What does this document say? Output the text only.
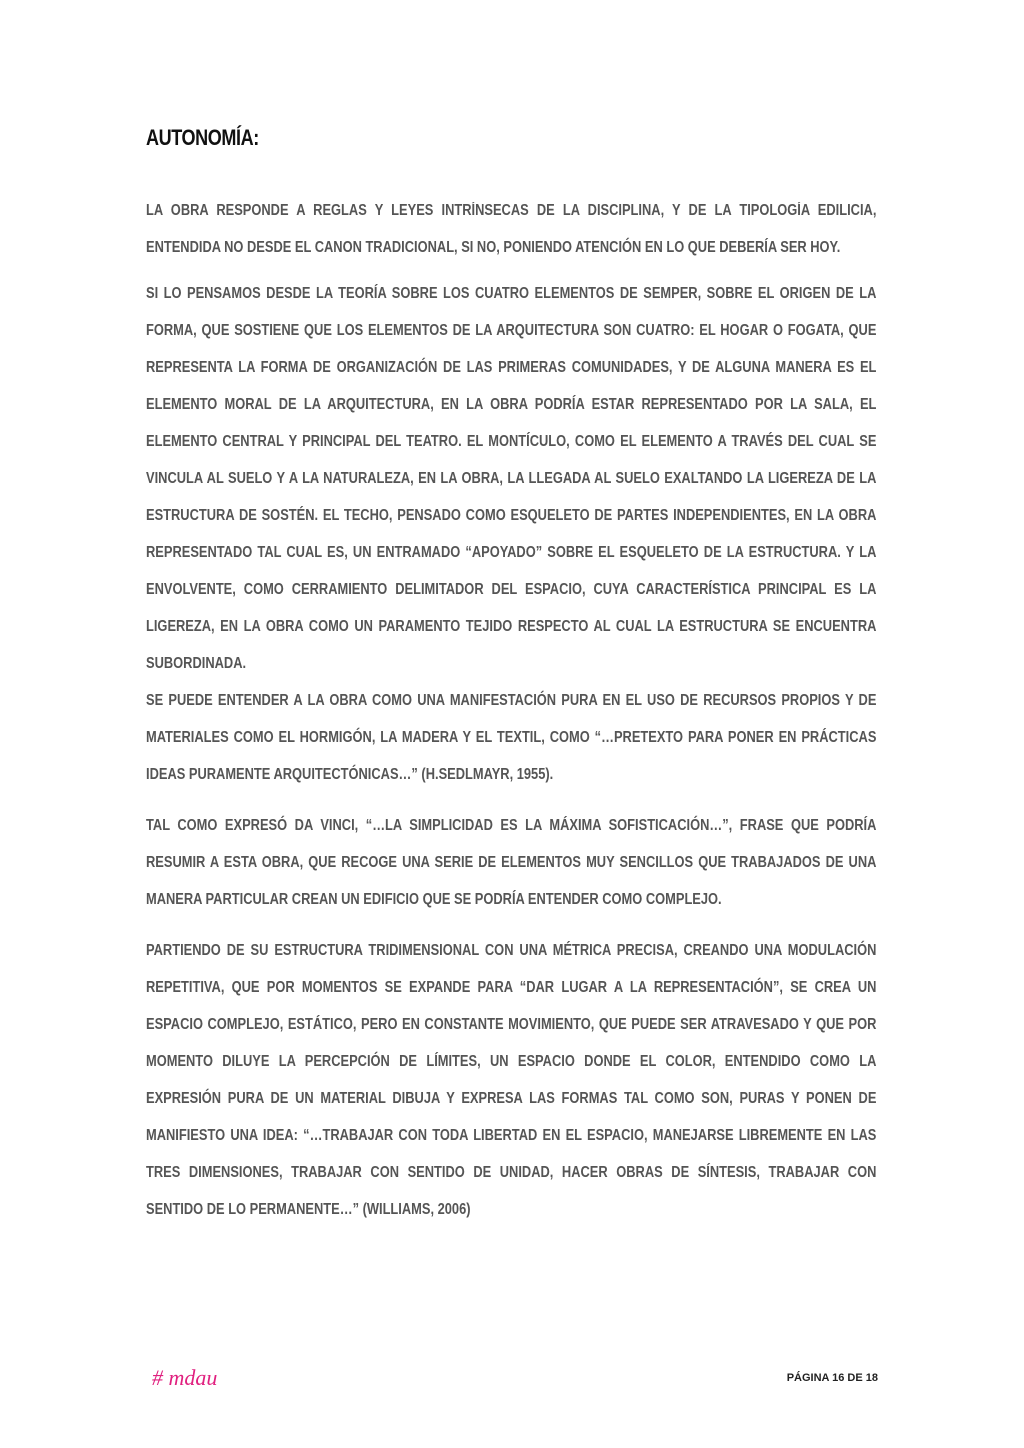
AUTONOMÍA:

LA OBRA RESPONDE A REGLAS Y LEYES INTRÍNSECAS DE LA DISCIPLINA, Y DE LA TIPOLOGÍA EDILICIA, ENTENDIDA NO DESDE EL CANON TRADICIONAL, SI NO, PONIENDO ATENCIÓN EN LO QUE DEBERÍA SER HOY.

SI LO PENSAMOS DESDE LA TEORÍA SOBRE LOS CUATRO ELEMENTOS DE SEMPER, SOBRE EL ORIGEN DE LA FORMA, QUE SOSTIENE QUE LOS ELEMENTOS DE LA ARQUITECTURA SON CUATRO: EL HOGAR O FOGATA, QUE REPRESENTA LA FORMA DE ORGANIZACIÓN DE LAS PRIMERAS COMUNIDADES, Y DE ALGUNA MANERA ES EL ELEMENTO MORAL DE LA ARQUITECTURA, EN LA OBRA PODRÍA ESTAR REPRESENTADO POR LA SALA, EL ELEMENTO CENTRAL Y PRINCIPAL DEL TEATRO. EL MONTÍCULO, COMO EL ELEMENTO A TRAVÉS DEL CUAL SE VINCULA AL SUELO Y A LA NATURALEZA, EN LA OBRA, LA LLEGADA AL SUELO EXALTANDO LA LIGEREZA DE LA ESTRUCTURA DE SOSTÉN. EL TECHO, PENSADO COMO ESQUELETO DE PARTES INDEPENDIENTES, EN LA OBRA REPRESENTADO TAL CUAL ES, UN ENTRAMADO “APOYADO” SOBRE EL ESQUELETO DE LA ESTRUCTURA. Y LA ENVOLVENTE, COMO CERRAMIENTO DELIMITADOR DEL ESPACIO, CUYA CARACTERÍSTICA PRINCIPAL ES LA LIGEREZA, EN LA OBRA COMO UN PARAMENTO TEJIDO RESPECTO AL CUAL LA ESTRUCTURA SE ENCUENTRA SUBORDINADA.

SE PUEDE ENTENDER A LA OBRA COMO UNA MANIFESTACIÓN PURA EN EL USO DE RECURSOS PROPIOS Y DE MATERIALES COMO EL HORMIGÓN, LA MADERA Y EL TEXTIL, COMO “…PRETEXTO PARA PONER EN PRÁCTICAS IDEAS PURAMENTE ARQUITECTÓNICAS…” (H.SEDLMAYR, 1955).

TAL COMO EXPRESÓ DA VINCI, “…LA SIMPLICIDAD ES LA MÁXIMA SOFISTICACIÓN…”, FRASE QUE PODRÍA RESUMIR A ESTA OBRA, QUE RECOGE UNA SERIE DE ELEMENTOS MUY SENCILLOS QUE TRABAJADOS DE UNA MANERA PARTICULAR CREAN UN EDIFICIO QUE SE PODRÍA ENTENDER COMO COMPLEJO.

PARTIENDO DE SU ESTRUCTURA TRIDIMENSIONAL CON UNA MÉTRICA PRECISA, CREANDO UNA MODULACIÓN REPETITIVA, QUE POR MOMENTOS SE EXPANDE PARA “DAR LUGAR A LA REPRESENTACIÓN”, SE CREA UN ESPACIO COMPLEJO, ESTÁTICO, PERO EN CONSTANTE MOVIMIENTO, QUE PUEDE SER ATRAVESADO Y QUE POR MOMENTO DILUYE LA PERCEPCIÓN DE LÍMITES, UN ESPACIO DONDE EL COLOR, ENTENDIDO COMO LA EXPRESIÓN PURA DE UN MATERIAL DIBUJA Y EXPRESA LAS FORMAS TAL COMO SON, PURAS Y PONEN DE MANIFIESTO UNA IDEA: “…TRABAJAR CON TODA LIBERTAD EN EL ESPACIO, MANEJARSE LIBREMENTE EN LAS TRES DIMENSIONES, TRABAJAR CON SENTIDO DE UNIDAD, HACER OBRAS DE SÍNTESIS, TRABAJAR CON SENTIDO DE LO PERMANENTE…” (WILLIAMS, 2006)

# mdau	PÁGINA 16 DE 18
